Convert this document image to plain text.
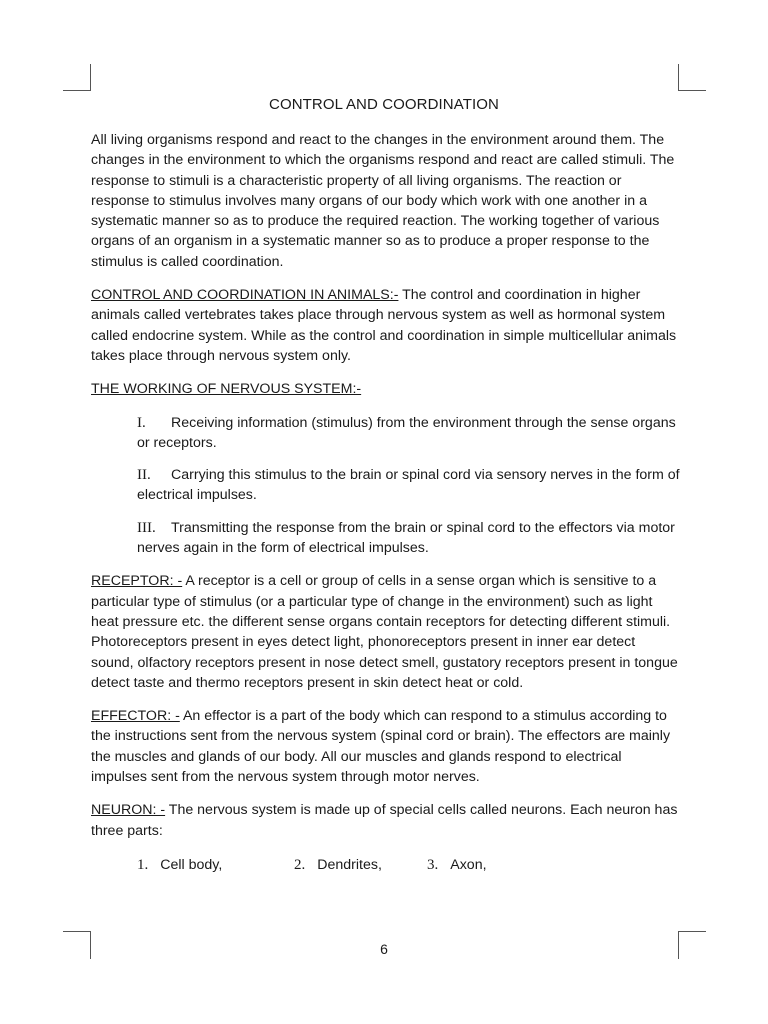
CONTROL AND COORDINATION

All living organisms respond and react to the changes in the environment around them. The changes in the environment to which the organisms respond and react are called stimuli. The response to stimuli is a characteristic property of all living organisms. The reaction or response to stimulus involves many organs of our body which work with one another in a systematic manner so as to produce the required reaction. The working together of various organs of an organism in a systematic manner so as to produce a proper response to the stimulus is called coordination.

CONTROL AND COORDINATION IN ANIMALS:- The control and coordination in higher animals called vertebrates takes place through nervous system as well as hormonal system called endocrine system. While as the control and coordination in simple multicellular animals takes place through nervous system only.

THE WORKING OF NERVOUS SYSTEM:-

I. Receiving information (stimulus) from the environment through the sense organs or receptors.
II. Carrying this stimulus to the brain or spinal cord via sensory nerves in the form of electrical impulses.
III. Transmitting the response from the brain or spinal cord to the effectors via motor nerves again in the form of electrical impulses.

RECEPTOR: - A receptor is a cell or group of cells in a sense organ which is sensitive to a particular type of stimulus (or a particular type of change in the environment) such as light heat pressure etc. the different sense organs contain receptors for detecting different stimuli. Photoreceptors present in eyes detect light, phonoreceptors present in inner ear detect sound, olfactory receptors present in nose detect smell, gustatory receptors present in tongue detect taste and thermo receptors present in skin detect heat or cold.

EFFECTOR: - An effector is a part of the body which can respond to a stimulus according to the instructions sent from the nervous system (spinal cord or brain). The effectors are mainly the muscles and glands of our body. All our muscles and glands respond to electrical impulses sent from the nervous system through motor nerves.

NEURON: - The nervous system is made up of special cells called neurons. Each neuron has three parts:

1. Cell body,	2. Dendrites,	3. Axon,
6
